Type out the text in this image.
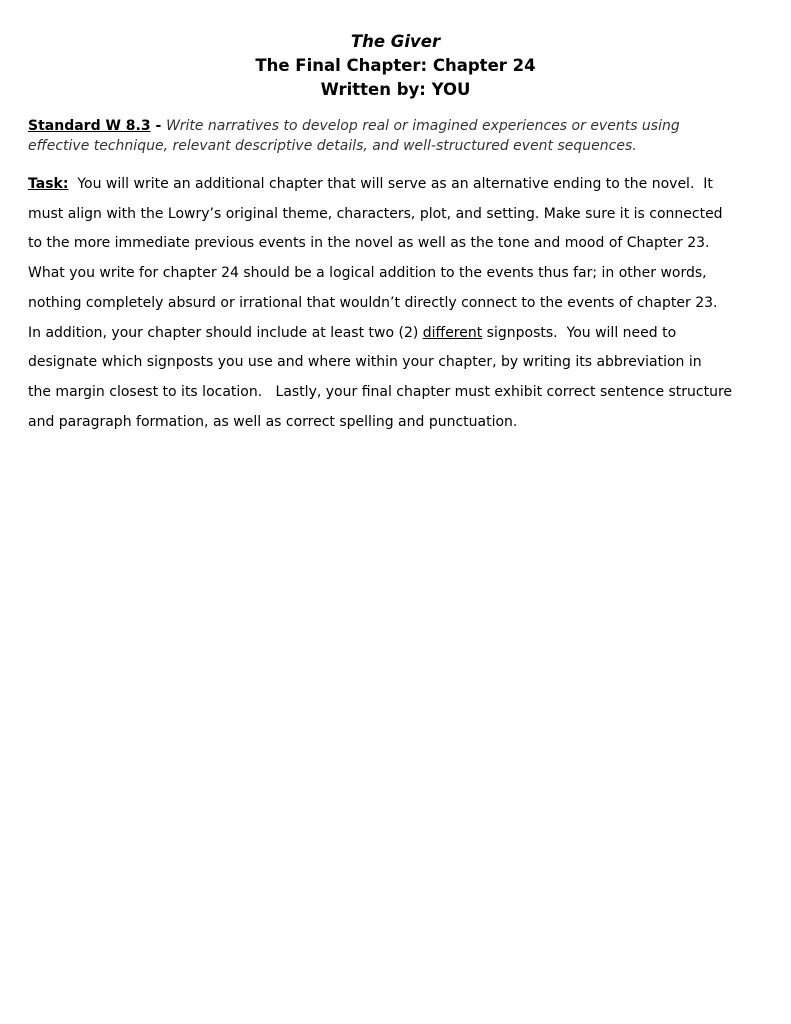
The Giver
The Final Chapter: Chapter 24
Written by: YOU
Standard W 8.3 - Write narratives to develop real or imagined experiences or events using
effective technique, relevant descriptive details, and well-structured event sequences.
Task:  You will write an additional chapter that will serve as an alternative ending to the novel.  It
must align with the Lowry’s original theme, characters, plot, and setting. Make sure it is connected
to the more immediate previous events in the novel as well as the tone and mood of Chapter 23.
What you write for chapter 24 should be a logical addition to the events thus far; in other words,
nothing completely absurd or irrational that wouldn’t directly connect to the events of chapter 23.
In addition, your chapter should include at least two (2) different signposts.  You will need to
designate which signposts you use and where within your chapter, by writing its abbreviation in
the margin closest to its location.   Lastly, your final chapter must exhibit correct sentence structure
and paragraph formation, as well as correct spelling and punctuation.
